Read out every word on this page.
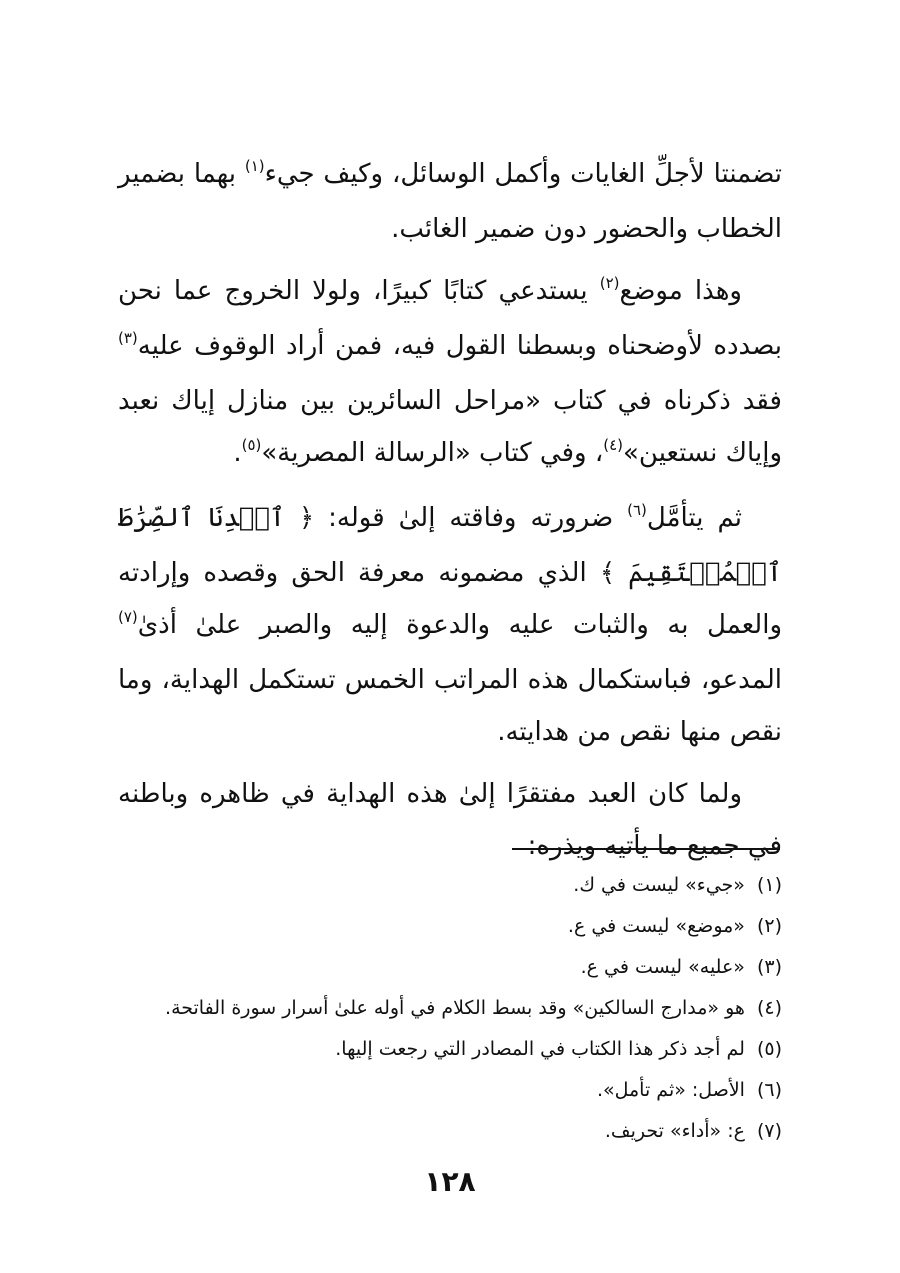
تضمنتا لأجلِّ الغايات وأكمل الوسائل، وكيف جيء$^{(١)}$ بهما بضمير الخطاب والحضور دون ضمير الغائب.

وهذا موضع$^{(٢)}$ يستدعي كتابًا كبيرًا، ولولا الخروج عما نحن بصدده لأوضحناه وبسطنا القول فيه، فمن أراد الوقوف عليه$^{(٣)}$ فقد ذكرناه في كتاب «مراحل السائرين بين منازل إياك نعبد وإياك نستعين»$^{(٤)}$، وفي كتاب «الرسالة المصرية»$^{(٥)}$.

ثم يتأمَّل$^{(٦)}$ ضرورته وفاقته إلىٰ قوله: ﴿ ٱهۡدِنَا ٱلصِّرَٰطَ ٱلۡمُسۡتَقِيمَ ﴾ الذي مضمونه معرفة الحق وقصده وإرادته والعمل به والثبات عليه والدعوة إليه والصبر علىٰ أذىٰ$^{(٧)}$ المدعو، فباستكمال هذه المراتب الخمس تستكمل الهداية، وما نقص منها نقص من هدايته.

ولما كان العبد مفتقرًا إلىٰ هذه الهداية في ظاهره وباطنه في جميع ما يأتيه ويذره:

(١)
«جيء» ليست في ك.
(٢)
«موضع» ليست في ع.
(٣)
«عليه» ليست في ع.
(٤)
هو «مدارج السالكين» وقد بسط الكلام في أوله علىٰ أسرار سورة الفاتحة.
(٥)
لم أجد ذكر هذا الكتاب في المصادر التي رجعت إليها.
(٦)
الأصل: «ثم تأمل».
(٧)
ع: «أداء» تحريف.
١٢٨
